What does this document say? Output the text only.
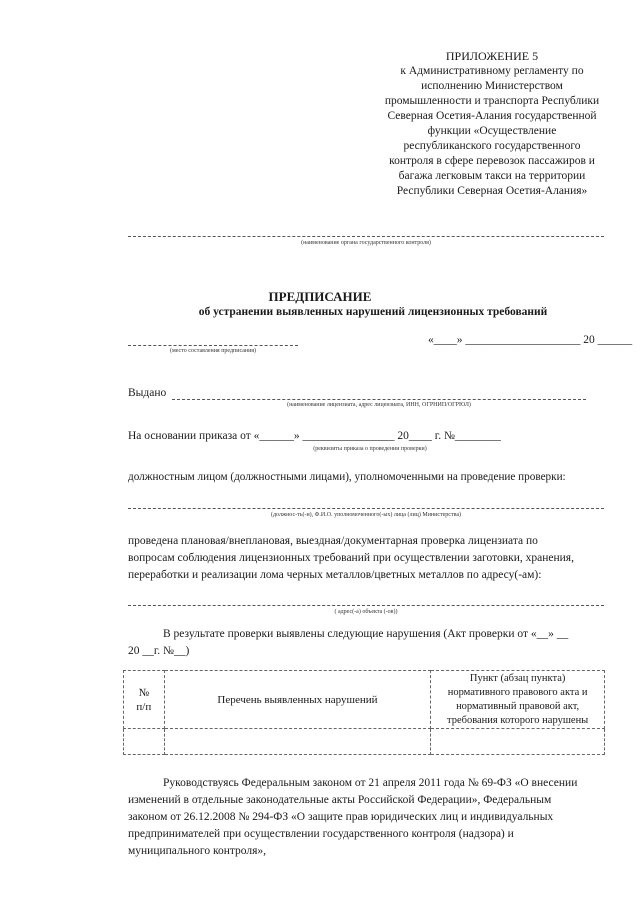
ПРИЛОЖЕНИЕ 5
к Административному регламенту по
исполнению Министерством
промышленности и транспорта Республики
Северная Осетия-Алания государственной
функции «Осуществление
республиканского государственного
контроля в сфере перевозок пассажиров и
багажа легковым такси на территории
Республики Северная Осетия-Алания»
(наименование органа государственного контроля)
ПРЕДПИСАНИЕ
об устранении выявленных нарушений лицензионных требований
(место составления предписания)
«____» ____________________ 20 ______
Выдано
(наименование лицензиата, адрес лицензиата, ИНН, ОГРНИП/ОГРЮЛ)
На основании приказа от «______» ________________ 20____ г. №________
(реквизиты приказа о проведении проверки)
должностным лицом (должностными лицами), уполномоченными на проведение проверки:
(должнос-ть(-и), Ф.И.О. уполномоченного(-ых) лица (лиц) Министерства)
проведена плановая/внеплановая, выездная/документарная проверка лицензиата по
вопросам соблюдения лицензионных требований при осуществлении заготовки, хранения,
переработки и реализации лома черных металлов/цветных металлов по адресу(-ам):
( адрес(-а) объекта (-ов))
В результате проверки выявлены следующие нарушения (Акт проверки от «__» __
20 __г. №__)
№
п/п	Перечень выявленных нарушений	Пункт (абзац пункта)
нормативного правового акта и
нормативный правовой акт,
требования которого нарушены

Руководствуясь Федеральным законом от 21 апреля 2011 года № 69-ФЗ «О внесении
изменений в отдельные законодательные акты Российской Федерации», Федеральным
законом от 26.12.2008 № 294-ФЗ «О защите прав юридических лиц и индивидуальных
предпринимателей при осуществлении государственного контроля (надзора) и
муниципального контроля»,
